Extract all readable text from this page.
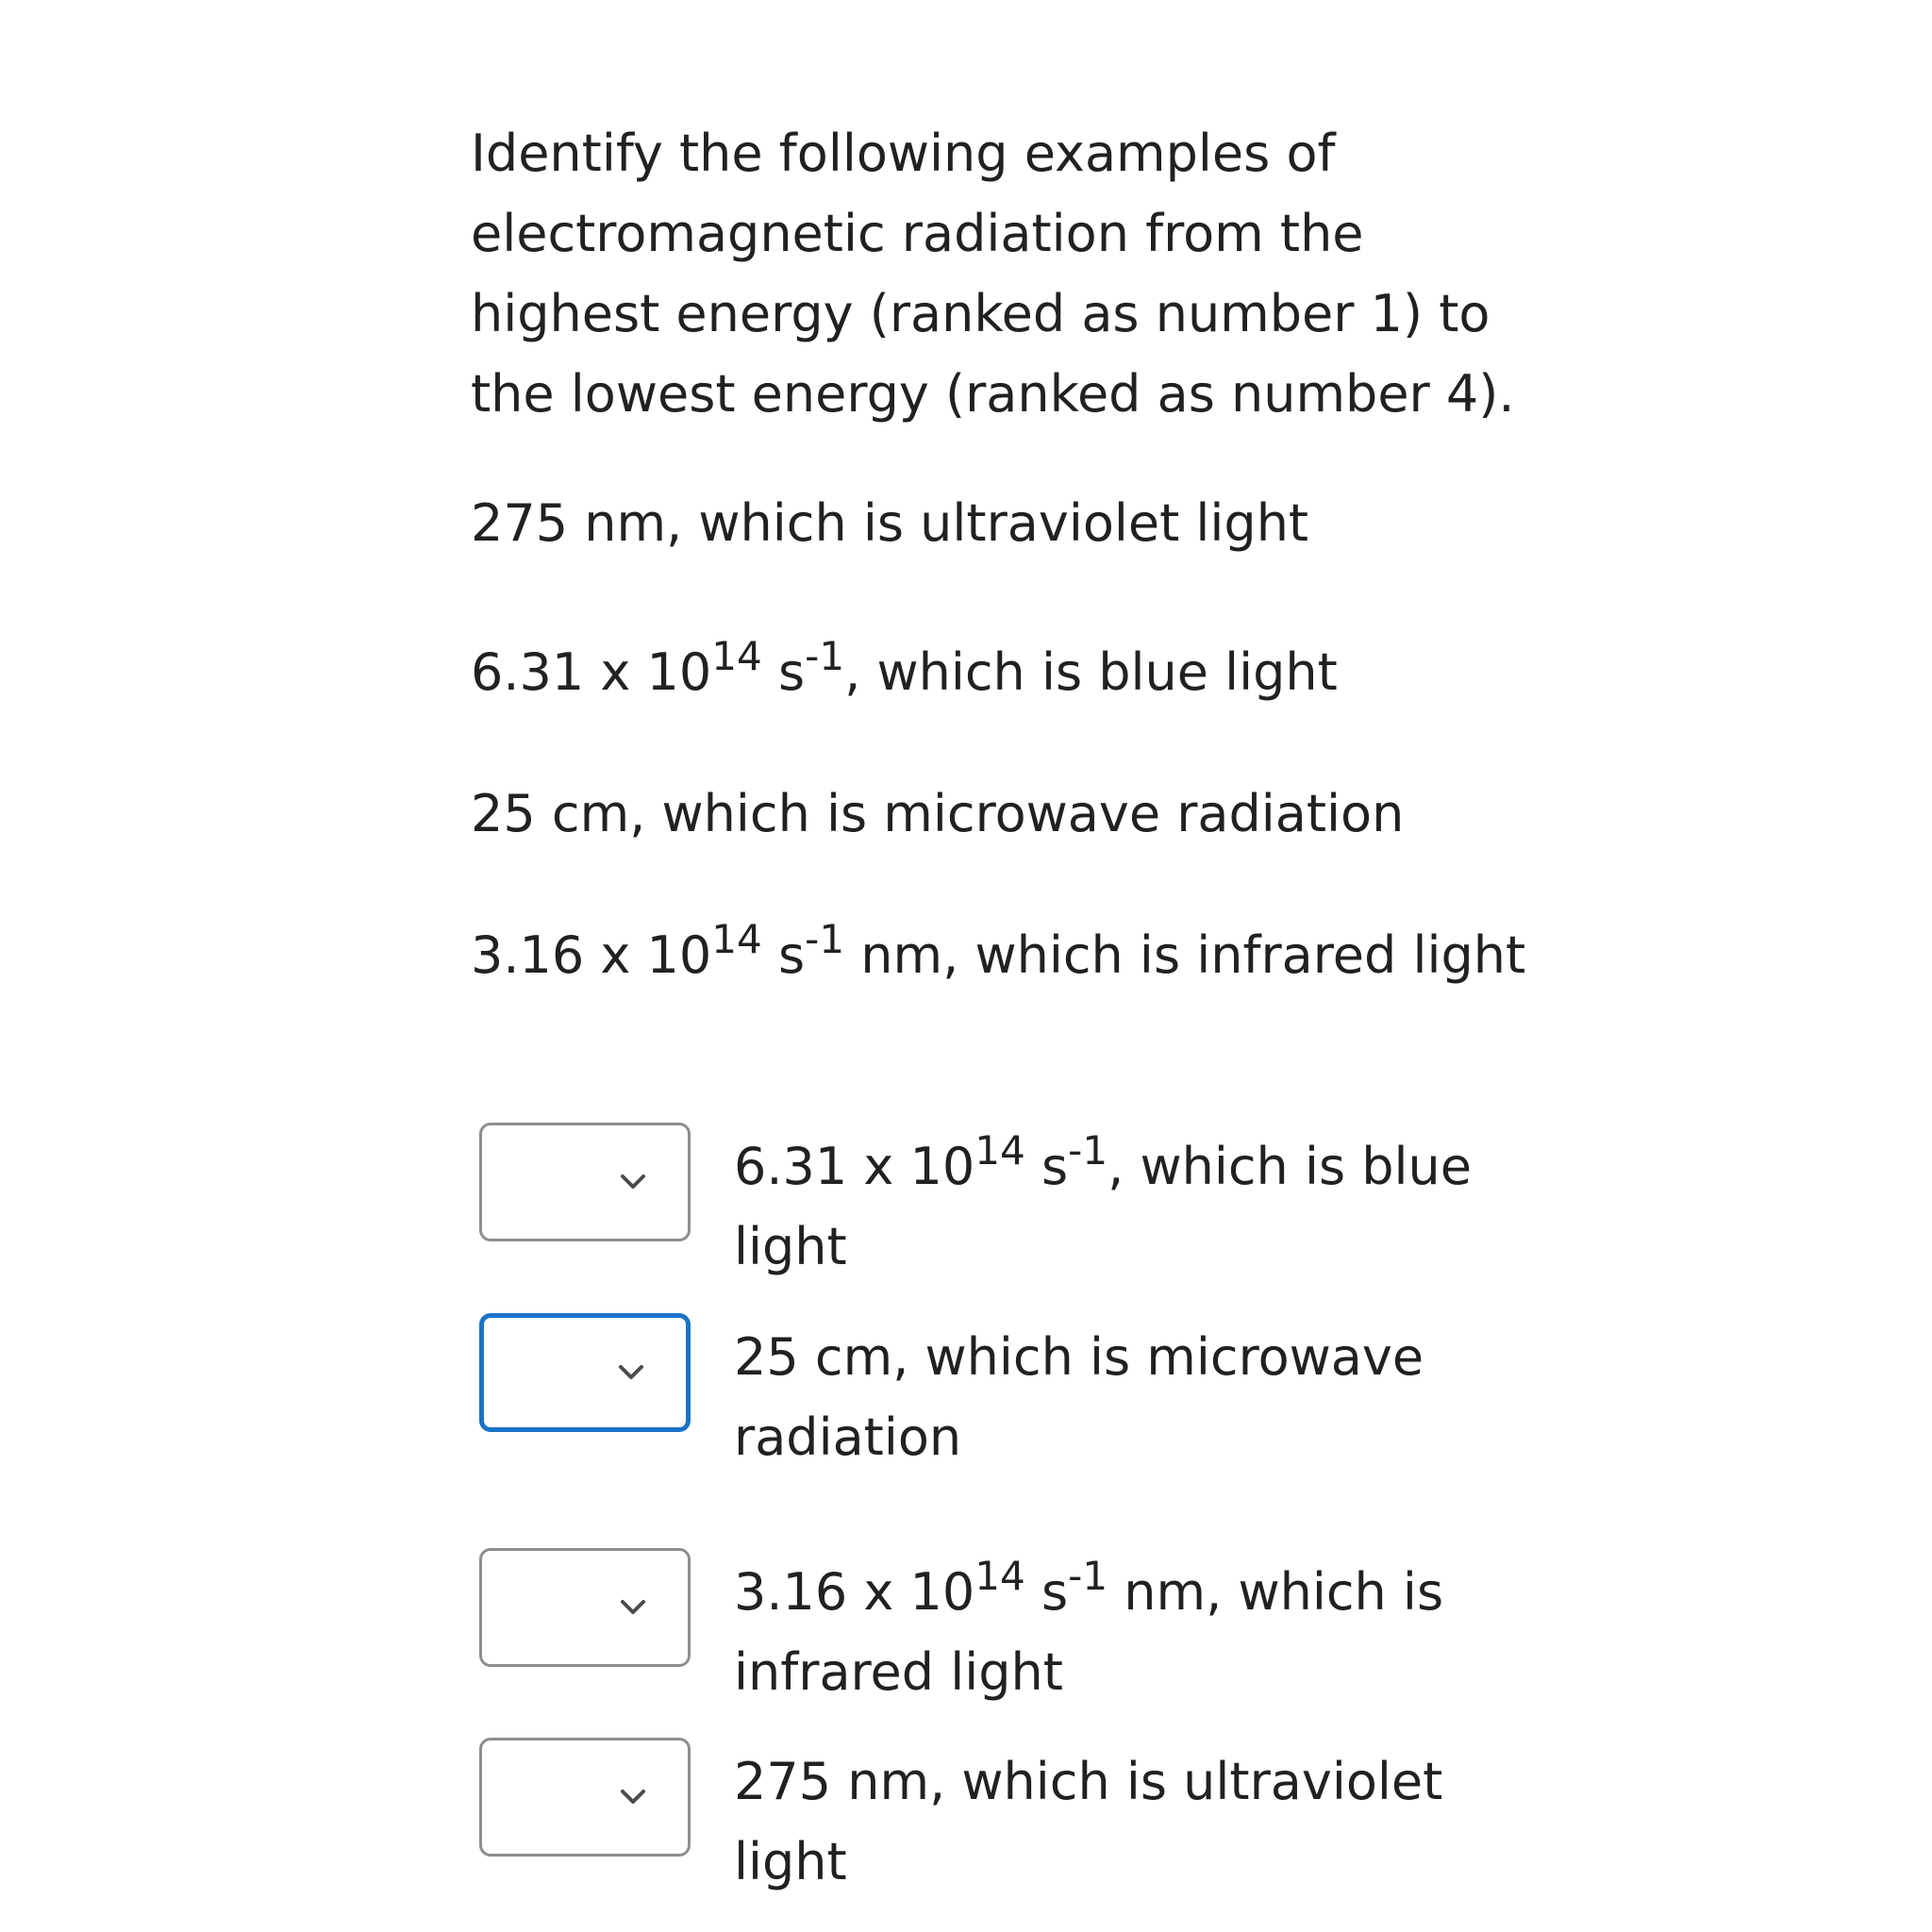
Identify the following examples of electromagnetic radiation from the highest energy (ranked as number 1) to the lowest energy (ranked as number 4).

275 nm, which is ultraviolet light

6.31 x $10^{14}$ $s^{-1}$, which is blue light

25 cm, which is microwave radiation

3.16 x $10^{14}$ $s^{-1}$ nm, which is infrared light

6.31 x $10^{14}$ $s^{-1}$, which is blue light
25 cm, which is microwave radiation
3.16 x $10^{14}$ $s^{-1}$ nm, which is infrared light
275 nm, which is ultraviolet light
